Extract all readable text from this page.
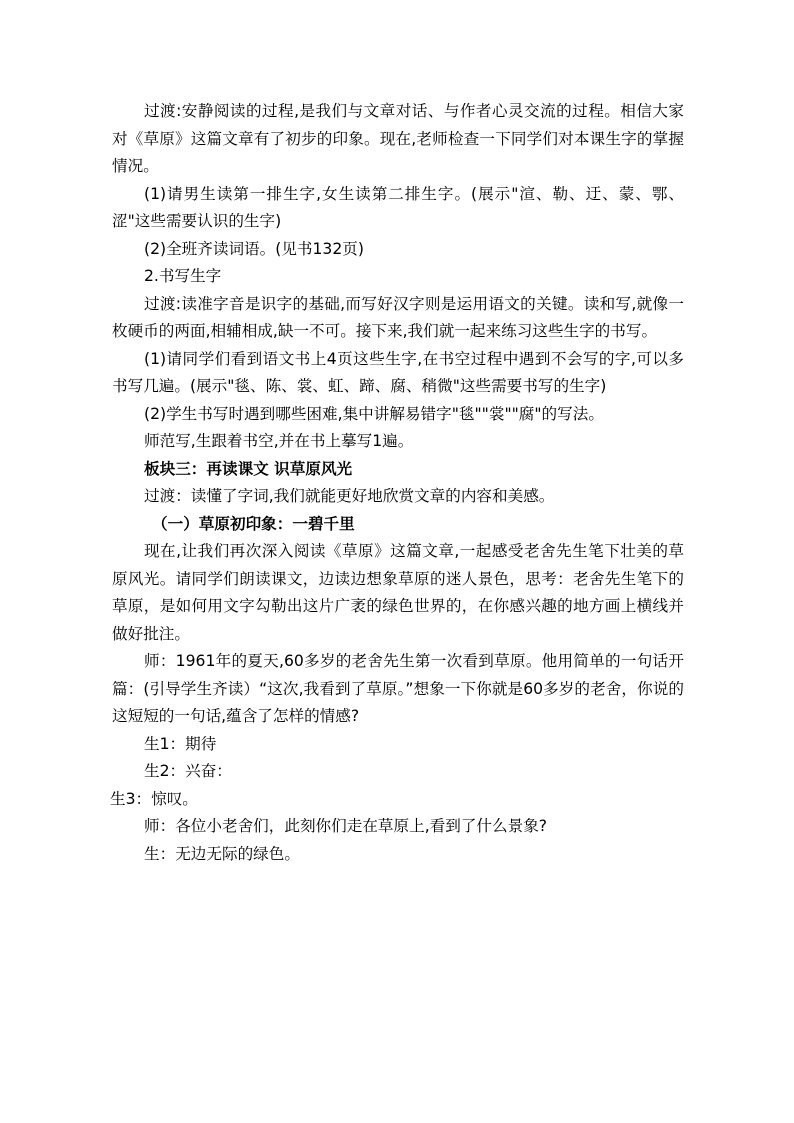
过渡:安静阅读的过程,是我们与文章对话、与作者心灵交流的过程。相信大家对《草原》这篇文章有了初步的印象。现在,老师检查一下同学们对本课生字的掌握情况。

(1)请男生读第一排生字,女生读第二排生字。(展示"渲、勒、迂、蒙、鄂、涩"这些需要认识的生字)

(2)全班齐读词语。(见书132页)

2.书写生字

过渡:读准字音是识字的基础,而写好汉字则是运用语文的关键。读和写,就像一枚硬币的两面,相辅相成,缺一不可。接下来,我们就一起来练习这些生字的书写。

(1)请同学们看到语文书上4页这些生字,在书空过程中遇到不会写的字,可以多书写几遍。(展示"毯、陈、裳、虹、蹄、腐、稍微"这些需要书写的生字)

(2)学生书写时遇到哪些困难,集中讲解易错字"毯""裳""腐"的写法。

师范写,生跟着书空,并在书上摹写1遍。

板块三：再读课文 识草原风光

过渡：读懂了字词,我们就能更好地欣赏文章的内容和美感。

（一）草原初印象：一碧千里

现在,让我们再次深入阅读《草原》这篇文章,一起感受老舍先生笔下壮美的草原风光。请同学们朗读课文，边读边想象草原的迷人景色，思考：老舍先生笔下的草原，是如何用文字勾勒出这片广袤的绿色世界的，在你感兴趣的地方画上横线并做好批注。

师：1961年的夏天,60多岁的老舍先生第一次看到草原。他用简单的一句话开篇：(引导学生齐读）“这次,我看到了草原。”想象一下你就是60多岁的老舍，你说的这短短的一句话,蕴含了怎样的情感?

生1：期待

生2：兴奋：

生3：惊叹。

师：各位小老舍们，此刻你们走在草原上,看到了什么景象?

生：无边无际的绿色。
